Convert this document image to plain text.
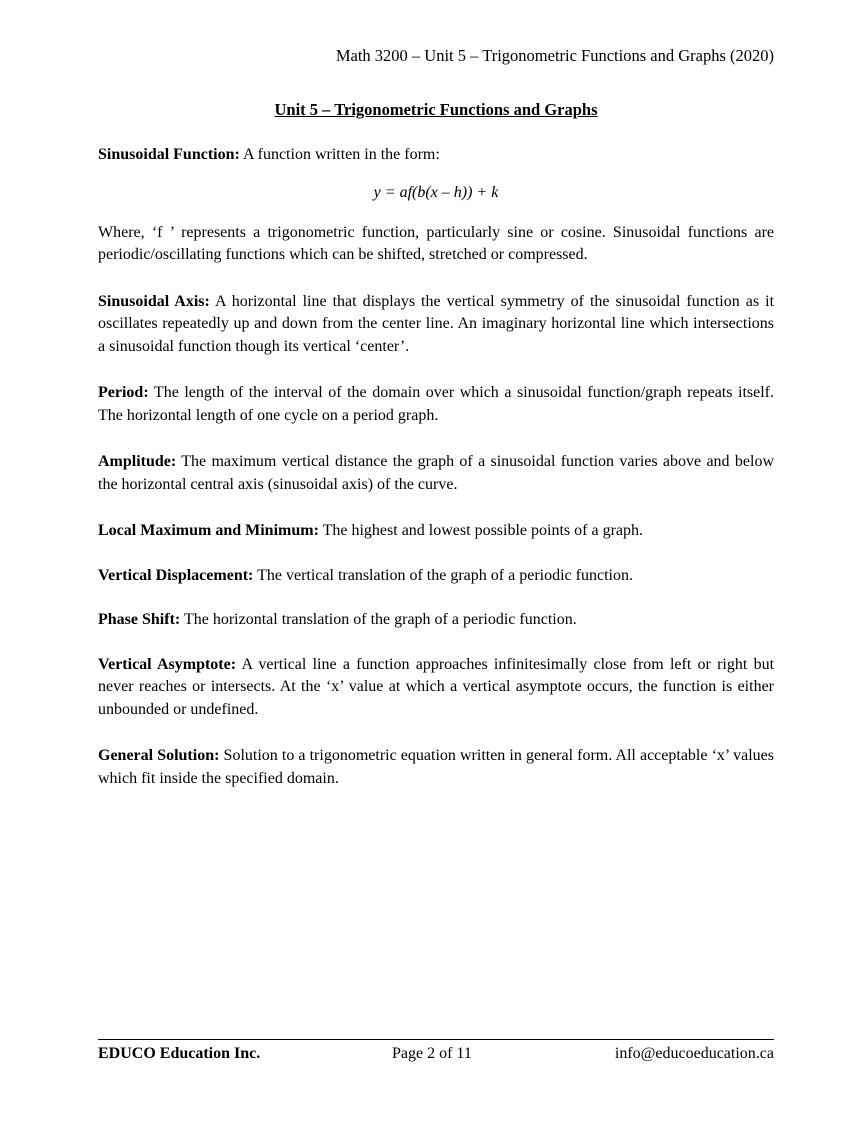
Math 3200 – Unit 5 – Trigonometric Functions and Graphs (2020)
Unit 5 – Trigonometric Functions and Graphs

Sinusoidal Function: A function written in the form:

y = af(b(x – h)) + k

Where, ‘f ’ represents a trigonometric function, particularly sine or cosine. Sinusoidal functions are periodic/oscillating functions which can be shifted, stretched or compressed.

Sinusoidal Axis: A horizontal line that displays the vertical symmetry of the sinusoidal function as it oscillates repeatedly up and down from the center line. An imaginary horizontal line which intersections a sinusoidal function though its vertical ‘center’.

Period: The length of the interval of the domain over which a sinusoidal function/graph repeats itself. The horizontal length of one cycle on a period graph.

Amplitude: The maximum vertical distance the graph of a sinusoidal function varies above and below the horizontal central axis (sinusoidal axis) of the curve.

Local Maximum and Minimum: The highest and lowest possible points of a graph.

Vertical Displacement: The vertical translation of the graph of a periodic function.

Phase Shift: The horizontal translation of the graph of a periodic function.

Vertical Asymptote: A vertical line a function approaches infinitesimally close from left or right but never reaches or intersects. At the ‘x’ value at which a vertical asymptote occurs, the function is either unbounded or undefined.

General Solution: Solution to a trigonometric equation written in general form. All acceptable ‘x’ values which fit inside the specified domain.

EDUCO Education Inc.	Page 2 of 11	info@educoeducation.ca
